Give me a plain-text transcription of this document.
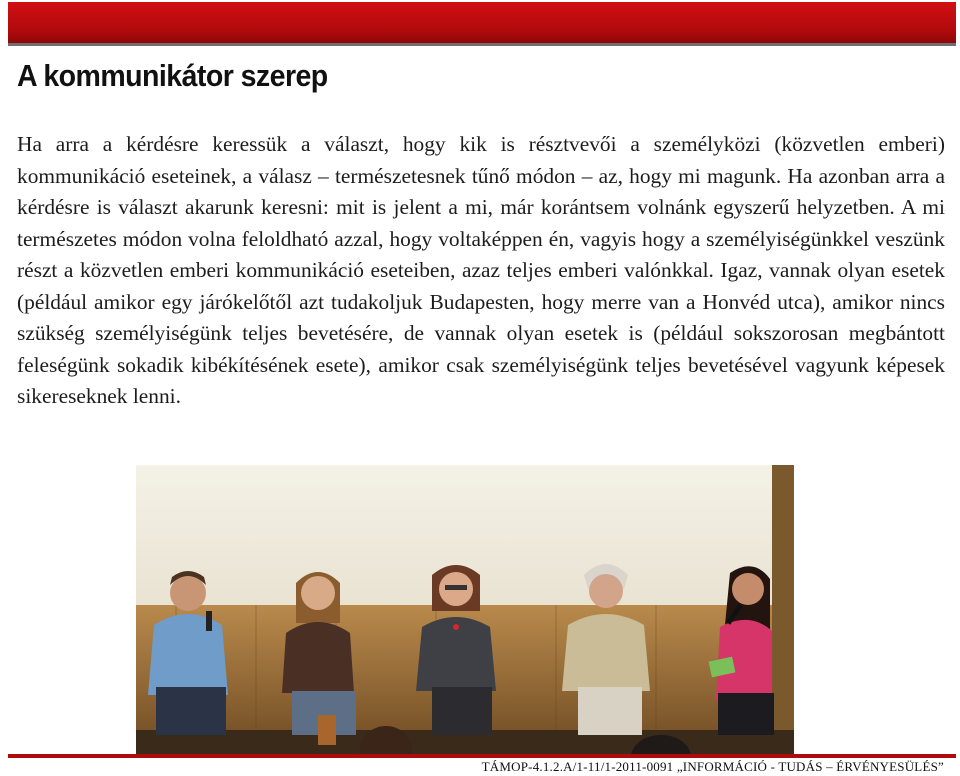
A kommunikátor szerep

Ha arra a kérdésre keressük a választ, hogy kik is résztvevői a személyközi (közvetlen emberi) kommunikáció eseteinek, a válasz – természetesnek tűnő módon – az, hogy mi magunk. Ha azonban arra a kérdésre is választ akarunk keresni: mit is jelent a mi, már korántsem volnánk egyszerű helyzetben. A mi természetes módon volna feloldható azzal, hogy voltaképpen én, vagyis hogy a személyiségünkkel veszünk részt a közvetlen emberi kommunikáció eseteiben, azaz teljes emberi valónkkal. Igaz, vannak olyan esetek (például amikor egy járókelőtől azt tudakoljuk Budapesten, hogy merre van a Honvéd utca), amikor nincs szükség személyiségünk teljes bevetésére, de vannak olyan esetek is (például sokszorosan megbántott feleségünk sokadik kibékítésének esete), amikor csak személyiségünk teljes bevetésével vagyunk képesek sikereseknek lenni.

TÁMOP-4.1.2.A/1-11/1-2011-0091 „INFORMÁCIÓ - TUDÁS – ÉRVÉNYESÜLÉS”
